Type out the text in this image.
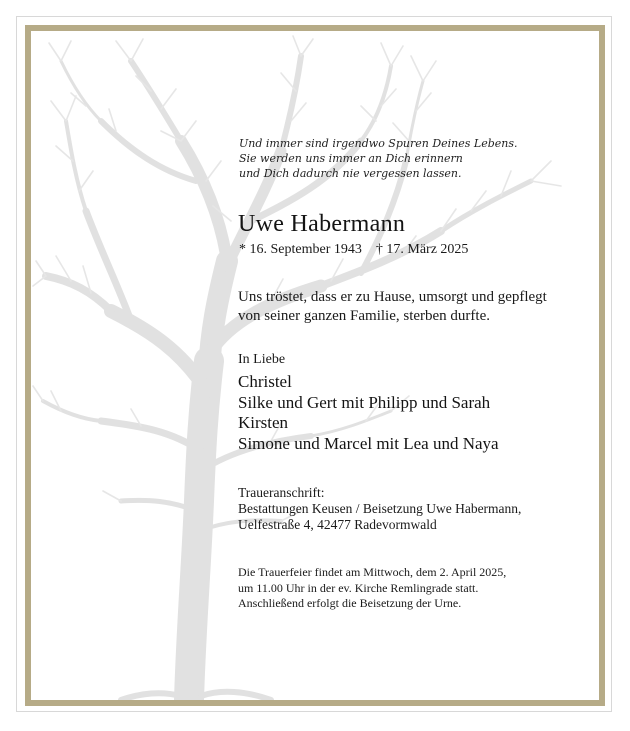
Und immer sind irgendwo Spuren Deines Lebens.
Sie werden uns immer an Dich erinnern
und Dich dadurch nie vergessen lassen.
Uwe Habermann
* 16. September 1943 † 17. März 2025
Uns tröstet, dass er zu Hause, umsorgt und gepflegt
von seiner ganzen Familie, sterben durfte.
In Liebe
Christel
Silke und Gert mit Philipp und Sarah
Kirsten
Simone und Marcel mit Lea und Naya
Traueranschrift:
Bestattungen Keusen / Beisetzung Uwe Habermann,
Uelfestraße 4, 42477 Radevormwald
Die Trauerfeier findet am Mittwoch, dem 2. April 2025,
um 11.00 Uhr in der ev. Kirche Remlingrade statt.
Anschließend erfolgt die Beisetzung der Urne.
